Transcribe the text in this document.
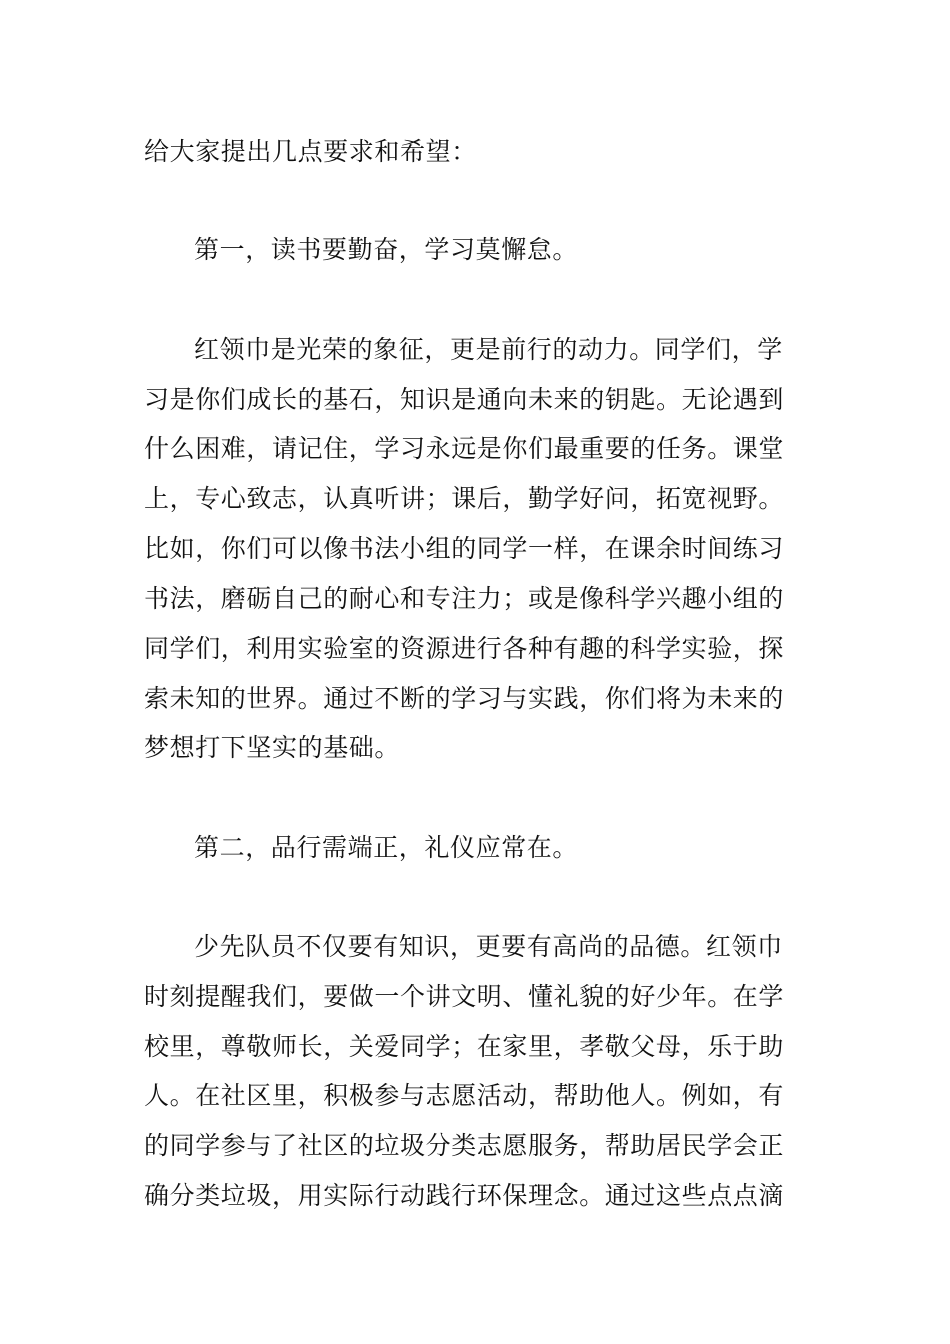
给大家提出几点要求和希望：
第一，读书要勤奋，学习莫懈怠。
红领巾是光荣的象征，更是前行的动力。同学们，学
习是你们成长的基石，知识是通向未来的钥匙。无论遇到
什么困难，请记住，学习永远是你们最重要的任务。课堂
上，专心致志，认真听讲；课后，勤学好问，拓宽视野。
比如，你们可以像书法小组的同学一样，在课余时间练习
书法，磨砺自己的耐心和专注力；或是像科学兴趣小组的
同学们，利用实验室的资源进行各种有趣的科学实验，探
索未知的世界。通过不断的学习与实践，你们将为未来的
梦想打下坚实的基础。
第二，品行需端正，礼仪应常在。
少先队员不仅要有知识，更要有高尚的品德。红领巾
时刻提醒我们，要做一个讲文明、懂礼貌的好少年。在学
校里，尊敬师长，关爱同学；在家里，孝敬父母，乐于助
人。在社区里，积极参与志愿活动，帮助他人。例如，有
的同学参与了社区的垃圾分类志愿服务，帮助居民学会正
确分类垃圾，用实际行动践行环保理念。通过这些点点滴
